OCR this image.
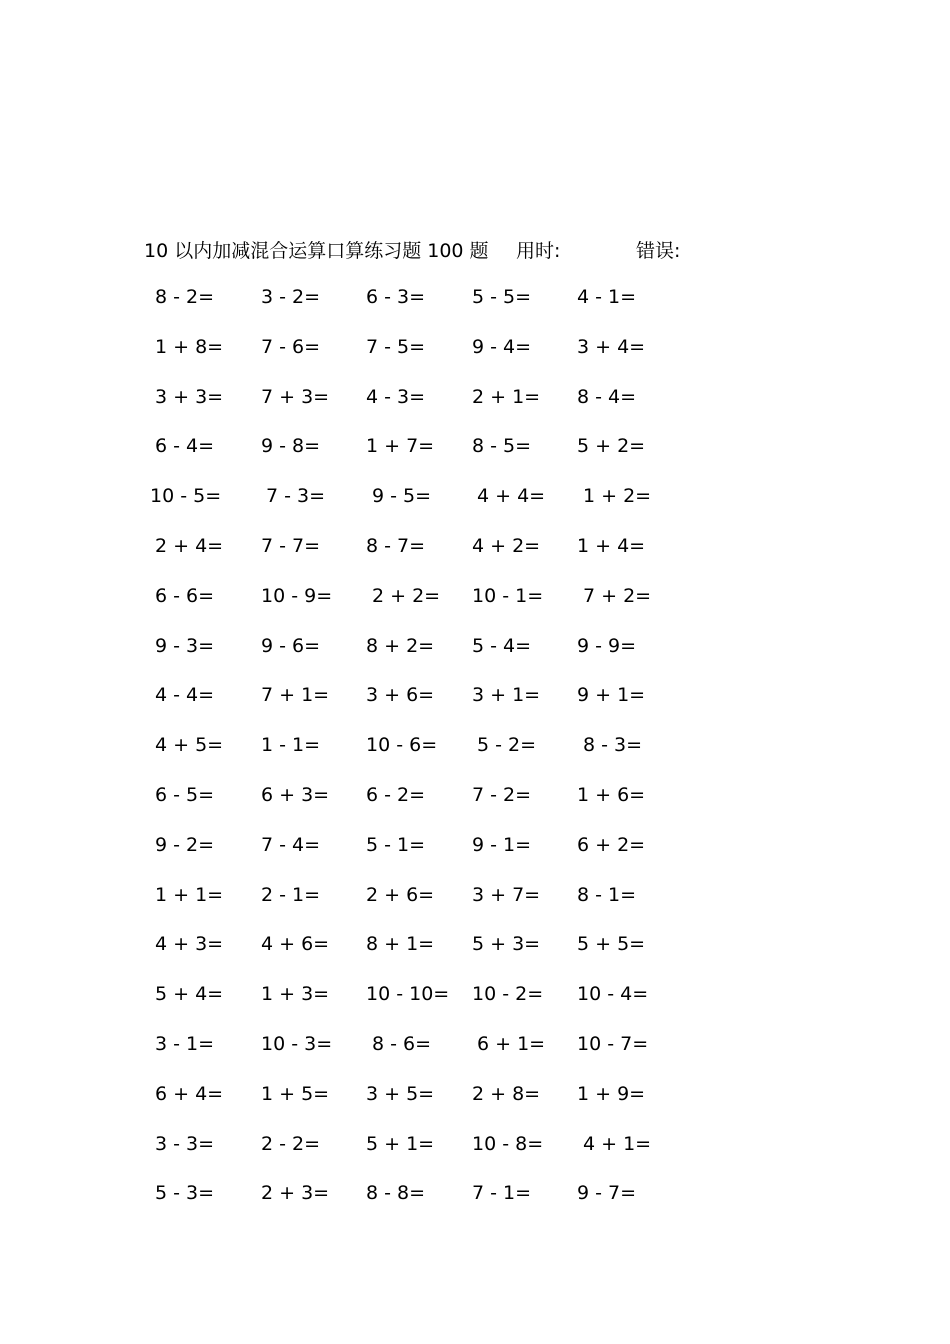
10 以内加减混合运算口算练习题 100 题 用时:	错误:
8 - 2= 3 - 2= 6 - 3= 5 - 5= 4 - 1=
1 + 8= 7 - 6= 7 - 5= 9 - 4= 3 + 4=
3 + 3= 7 + 3= 4 - 3= 2 + 1= 8 - 4=
6 - 4= 9 - 8= 1 + 7= 8 - 5= 5 + 2=
10 - 5= 7 - 3= 9 - 5= 4 + 4= 1 + 2=
2 + 4= 7 - 7= 8 - 7= 4 + 2= 1 + 4=
6 - 6= 10 - 9= 2 + 2= 10 - 1= 7 + 2=
9 - 3= 9 - 6= 8 + 2= 5 - 4= 9 - 9=
4 - 4= 7 + 1= 3 + 6= 3 + 1= 9 + 1=
4 + 5= 1 - 1= 10 - 6= 5 - 2= 8 - 3=
6 - 5= 6 + 3= 6 - 2= 7 - 2= 1 + 6=
9 - 2= 7 - 4= 5 - 1= 9 - 1= 6 + 2=
1 + 1= 2 - 1= 2 + 6= 3 + 7= 8 - 1=
4 + 3= 4 + 6= 8 + 1= 5 + 3= 5 + 5=
5 + 4= 1 + 3= 10 - 10= 10 - 2= 10 - 4=
3 - 1= 10 - 3= 8 - 6= 6 + 1= 10 - 7=
6 + 4= 1 + 5= 3 + 5= 2 + 8= 1 + 9=
3 - 3= 2 - 2= 5 + 1= 10 - 8= 4 + 1=
5 - 3= 2 + 3= 8 - 8= 7 - 1= 9 - 7=
